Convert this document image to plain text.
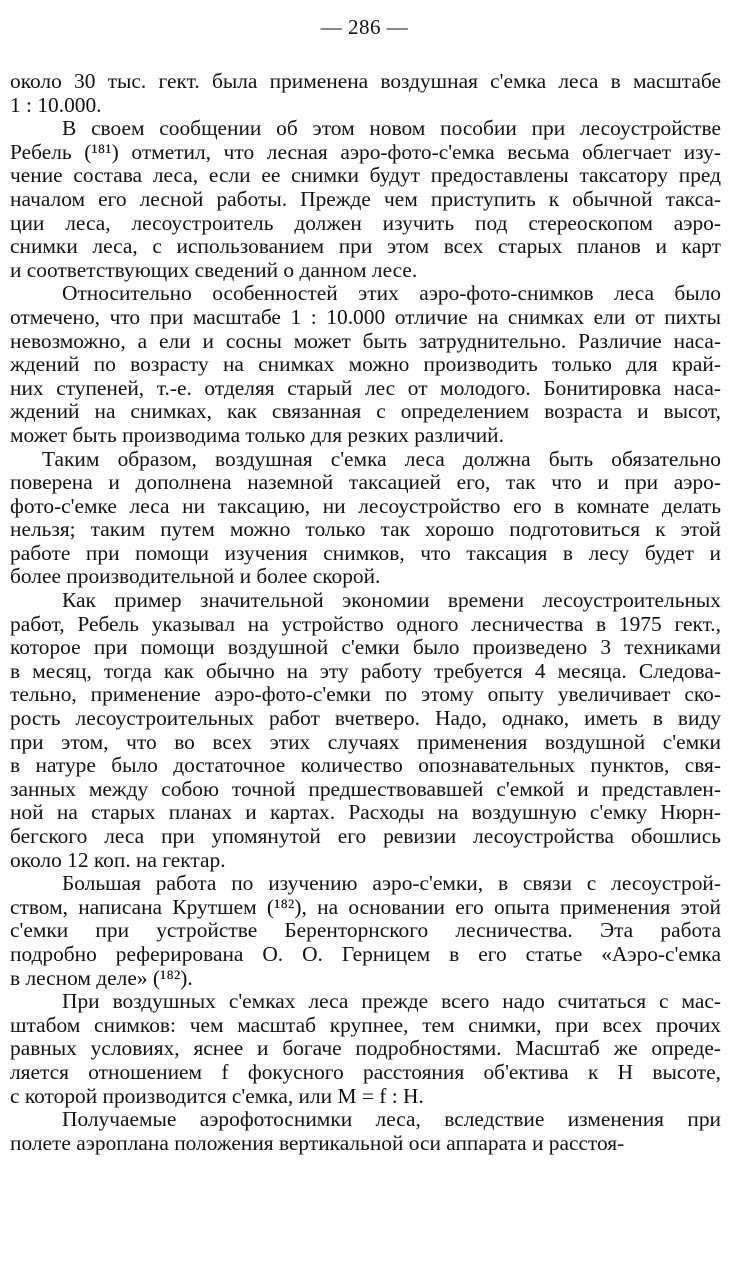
— 286 —
около 30 тыс. гект. была применена воздушная с'емка леса в масштабе
1 : 10.000.
В своем сообщении об этом новом пособии при лесоустройстве
Ребель (¹⁸¹) отметил, что лесная аэро-фото-с'емка весьма облегчает изу-
чение состава леса, если ее снимки будут предоставлены таксатору пред
началом его лесной работы. Прежде чем приступить к обычной такса-
ции леса, лесоустроитель должен изучить под стереоскопом аэро-
снимки леса, с использованием при этом всех старых планов и карт
и соответствующих сведений о данном лесе.
Относительно особенностей этих аэро-фото-снимков леса было
отмечено, что при масштабе 1 : 10.000 отличие на снимках ели от пихты
невозможно, а ели и сосны может быть затруднительно. Различие наса-
ждений по возрасту на снимках можно производить только для край-
них ступеней, т.-е. отделяя старый лес от молодого. Бонитировка наса-
ждений на снимках, как связанная с определением возраста и высот,
может быть производима только для резких различий.
Таким образом, воздушная с'емка леса должна быть обязательно
поверена и дополнена наземной таксацией его, так что и при аэро-
фото-с'емке леса ни таксацию, ни лесоустройство его в комнате делать
нельзя; таким путем можно только так хорошо подготовиться к этой
работе при помощи изучения снимков, что таксация в лесу будет и
более производительной и более скорой.
Как пример значительной экономии времени лесоустроительных
работ, Ребель указывал на устройство одного лесничества в 1975 гект.,
которое при помощи воздушной с'емки было произведено 3 техниками
в месяц, тогда как обычно на эту работу требуется 4 месяца. Следова-
тельно, применение аэро-фото-с'емки по этому опыту увеличивает ско-
рость лесоустроительных работ вчетверо. Надо, однако, иметь в виду
при этом, что во всех этих случаях применения воздушной с'емки
в натуре было достаточное количество опознавательных пунктов, свя-
занных между собою точной предшествовавшей с'емкой и представлен-
ной на старых планах и картах. Расходы на воздушную с'емку Нюрн-
бегского леса при упомянутой его ревизии лесоустройства обошлись
около 12 коп. на гектар.
Большая работа по изучению аэро-с'емки, в связи с лесоустрой-
ством, написана Крутшем (¹⁸²), на основании его опыта применения этой
с'емки при устройстве Беренторнского лесничества. Эта работа
подробно реферирована О. О. Герницем в его статье «Аэро-с'емка
в лесном деле» (¹⁸²).
При воздушных с'емках леса прежде всего надо считаться с мас-
штабом снимков: чем масштаб крупнее, тем снимки, при всех прочих
равных условиях, яснее и богаче подробностями. Масштаб же опреде-
ляется отношением f фокусного расстояния об'ектива к Н высоте,
с которой производится с'емка, или М = f : Н.
Получаемые аэрофотоснимки леса, вследствие изменения при
полете аэроплана положения вертикальной оси аппарата и расстоя-
